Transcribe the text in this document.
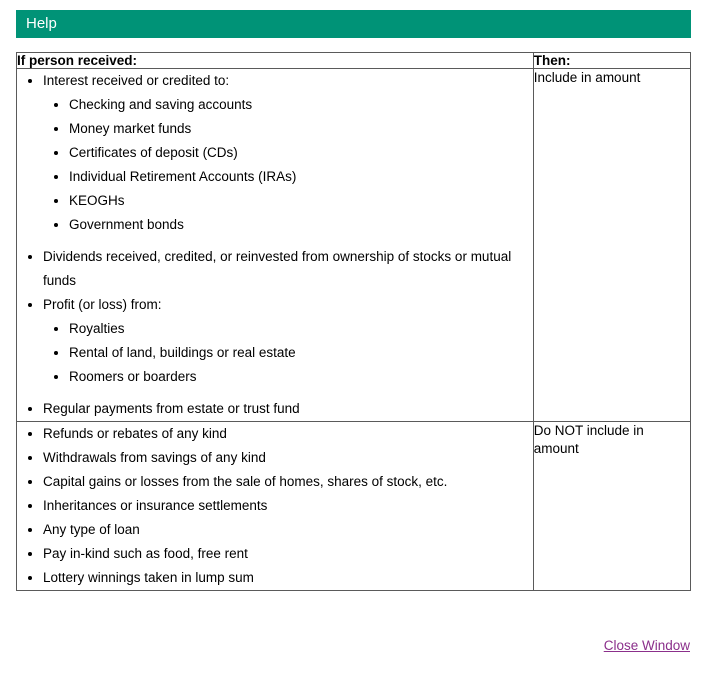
Help
If person received:	Then:

• Interest received or credited to:
• Checking and saving accounts
• Money market funds
• Certificates of deposit (CDs)
• Individual Retirement Accounts (IRAs)
• KEOGHs
• Government bonds
• Dividends received, credited, or reinvested from ownership of stocks or mutual funds
• Profit (or loss) from:
• Royalties
• Rental of land, buildings or real estate
• Roomers or boarders
• Regular payments from estate or trust fund
	Include in amount

• Refunds or rebates of any kind
• Withdrawals from savings of any kind
• Capital gains or losses from the sale of homes, shares of stock, etc.
• Inheritances or insurance settlements
• Any type of loan
• Pay in-kind such as food, free rent
• Lottery winnings taken in lump sum
	Do NOT include in amount
Close Window
